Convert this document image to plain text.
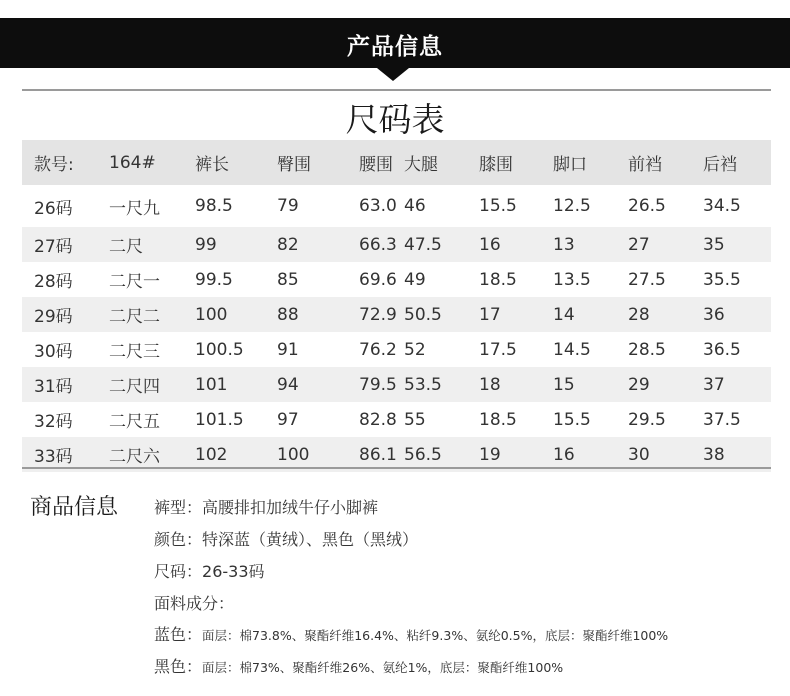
产品信息
尺码表
款号:	164#	裤长	臀围	腰围	大腿	膝围	脚口	前裆	后裆
26码	一尺九	98.5	79	63.0	46	15.5	12.5	26.5	34.5
27码	二尺	99	82	66.3	47.5	16	13	27	35
28码	二尺一	99.5	85	69.6	49	18.5	13.5	27.5	35.5
29码	二尺二	100	88	72.9	50.5	17	14	28	36
30码	二尺三	100.5	91	76.2	52	17.5	14.5	28.5	36.5
31码	二尺四	101	94	79.5	53.5	18	15	29	37
32码	二尺五	101.5	97	82.8	55	18.5	15.5	29.5	37.5
33码	二尺六	102	100	86.1	56.5	19	16	30	38
商品信息 裤型：高腰排扣加绒牛仔小脚裤
颜色：特深蓝（黄绒）、黑色（黑绒）
尺码：26-33码
面料成分：
蓝色：面层：棉73.8%、聚酯纤维16.4%、粘纤9.3%、氨纶0.5%，底层：聚酯纤维100%
黑色：面层：棉73%、聚酯纤维26%、氨纶1%，底层：聚酯纤维100%
